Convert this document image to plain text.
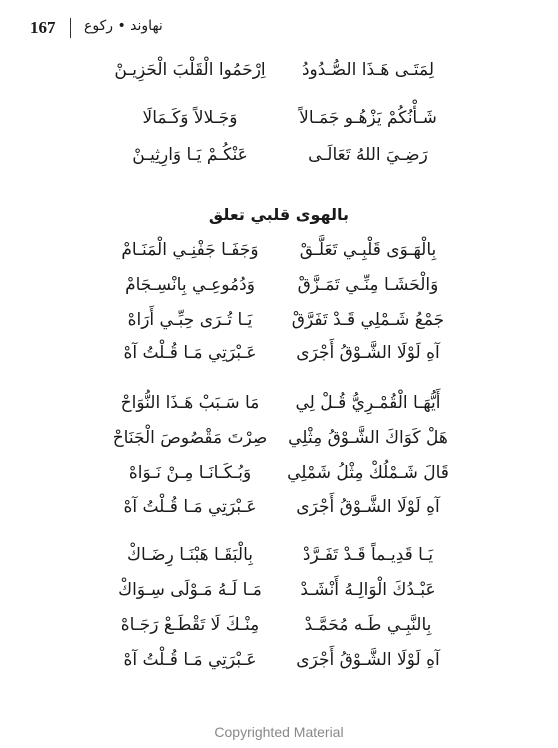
167 نهاوند • ركوع
لِمَتَـى هَـذَا الصُّـدُودُ
اِرْحَمُوا الْقَلْبَ الْحَزِيـنْ
شَـأْنُكُمْ يَزْهُـو جَمَـالاً
وَجَـلالاً وَكَـمَالَا
رَضِـيَ اللهُ تَعَالَـى
عَنْكُـمْ يَـا وَارِثِيـنْ
بالهوى قلبي تعلق
بِالْهَـوَى قَلْبِـي تَعَلَّـقْ
وَجَفَـا جَفْنِـي الْمَنَـامْ
وَالْحَشَـا مِنِّـي تَمَـزَّقْ
وَدُمُوعِـي بِانْسِـجَامْ
جَمْعُ شَـمْلِي قَـدْ تَفَرَّقْ
يَـا تُـرَى حِبِّـي أَرَاهْ
آهِ لَوْلَا الشَّـوْقُ أَجْرَى
عَـبْرَتِي مَـا قُـلْتُ آهْ
أَيُّهَـا الْقُمْـرِيُّ قُـلْ لِي
مَا سَـبَبْ هَـذَا النُّوَاحْ
هَلْ كَوَاكَ الشَّـوْقُ مِثْلِي
صِرْتَ مَقْصُوصَ الْجَنَاحْ
قَالَ شَـمْلُكْ مِثْلُ شَمْلِي
وَبُـكَـانَـا مِـنْ نَـوَاهْ
آهِ لَوْلَا الشَّـوْقُ أَجْرَى
عَـبْرَتِي مَـا قُـلْتُ آهْ
يَـا قَدِيـماً قَـدْ تَفَـرَّدْ
بِالْبَقَـا هَبْنَـا رِضَـاكْ
عَبْـدُكَ الْوَالِـهُ أَنْشَـدْ
مَـا لَـهُ مَـوْلَى سِـوَاكْ
بِالنَّبِـي طَـه مُحَمَّـدْ
مِنْـكَ لَا تَقْطَـعْ رَجَـاهْ
آهِ لَوْلَا الشَّـوْقُ أَجْرَى
عَـبْرَتِي مَـا قُـلْتُ آهْ
Copyrighted Material
